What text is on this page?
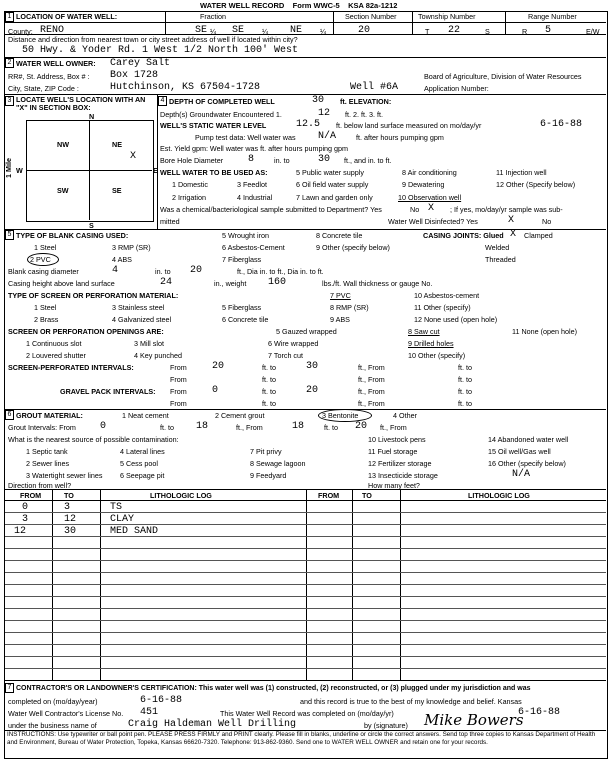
WATER WELL RECORD Form WWC-5 KSA 82a-1212
1 LOCATION OF WATER WELL:	Fraction	Section Number	Township Number	Range Number
County: RENO	SE ¼ SE ¼ NE ¼	20	T 22	S	R 5	E/W
Distance and direction from nearest town or city street address of well if located within city?
50 Hwy. & Yoder Rd. 1 West 1/2 North 100' West
2 WATER WELL OWNER: Carey Salt
RR#, St. Address, Box # : Box 1728	Board of Agriculture, Division of Water Resources
City, State, ZIP Code :	Hutchinson, KS 67504-1728	Well #6A	Application Number:
3 LOCATE WELL'S LOCATION WITH AN "X" IN SECTION BOX:
N
NW	NE
SW	SE
W	E
S
X
1 Mile
4 DEPTH OF COMPLETED WELL	30 ft. ELEVATION:
Depth(s) Groundwater Encountered 1.	12 ft. 2. ft. 3. ft.
WELL'S STATIC WATER LEVEL	12.5 ft. below land surface measured on mo/day/yr	6-16-88
Pump test data: Well water was N/A	ft. after hours pumping gpm
Est. Yield gpm: Well water was ft. after hours pumping gpm
Bore Hole Diameter 8	in. to	30 ft., and in. to ft.
WELL WATER TO BE USED AS:	5 Public water supply	8 Air conditioning	11 Injection well
1 Domestic	3 Feedlot	6 Oil field water supply	9 Dewatering	12 Other (Specify below)
2 Irrigation	4 Industrial	7 Lawn and garden only	10 Observation well
Was a chemical/bacteriological sample submitted to Department? Yes	No X ; If yes, mo/day/yr sample was sub-
mitted	Water Well Disinfected? Yes	X	No
5 TYPE OF BLANK CASING USED:	5 Wrought iron	8 Concrete tile	CASING JOINTS: Glued X Clamped
1 Steel	3 RMP (SR)	6 Asbestos-Cement	9 Other (specify below)	Welded
2 PVC	4 ABS	7 Fiberglass	Threaded
Blank casing diameter	4	in. to 20	ft., Dia in. to ft., Dia in. to ft.
Casing height above land surface	24	in., weight 160	lbs./ft. Wall thickness or gauge No.
TYPE OF SCREEN OR PERFORATION MATERIAL:	7 PVC	10 Asbestos-cement
1 Steel	3 Stainless steel	5 Fiberglass	8 RMP (SR)	11 Other (specify)
2 Brass	4 Galvanized steel	6 Concrete tile	9 ABS	12 None used (open hole)
SCREEN OR PERFORATION OPENINGS ARE:	5 Gauzed wrapped	8 Saw cut	11 None (open hole)
1 Continuous slot	3 Mill slot	6 Wire wrapped	9 Drilled holes
2 Louvered shutter	4 Key punched	7 Torch cut	10 Other (specify)
SCREEN-PERFORATED INTERVALS:	From	20	ft. to	30	ft., From	ft. to
From	ft. to	ft., From	ft. to
GRAVEL PACK INTERVALS: From	0	ft. to	20	ft., From	ft. to
From	ft. to	ft., From	ft. to
6 GROUT MATERIAL:	1 Neat cement	2 Cement grout	3 Bentonite	4 Other
Grout Intervals: From 0	ft. to 18	ft., From	18	ft. to 20 ft., From
What is the nearest source of possible contamination:	10 Livestock pens	14 Abandoned water well
1 Septic tank	4 Lateral lines	7 Pit privy	11 Fuel storage	15 Oil well/Gas well
2 Sewer lines	5 Cess pool	8 Sewage lagoon	12 Fertilizer storage	16 Other (specify below)
3 Watertight sewer lines 6 Seepage pit	9 Feedyard	13 Insecticide storage	N/A
Direction from well?	How many feet?
FROM	TO	LITHOLOGIC LOG	FROM	TO	LITHOLOGIC LOG
0	3	TS
3	12	CLAY
12	30	MED SAND
7 CONTRACTOR'S OR LANDOWNER'S CERTIFICATION: This water well was (1) constructed, (2) reconstructed, or (3) plugged under my jurisdiction and was
completed on (mo/day/year)	6-16-88	and this record is true to the best of my knowledge and belief. Kansas
Water Well Contractor's License No. 451	This Water Well Record was completed on (mo/day/yr)	6-16-88
under the business name of	Craig Haldeman Well Drilling	by (signature) Mike Bowers
INSTRUCTIONS: Use typewriter or ball point pen. PLEASE PRESS FIRMLY and PRINT clearly. Please fill in blanks, underline or circle the correct answers. Send top three copies to Kansas Department of Health and Environment, Bureau of Water Protection, Topeka, Kansas 66620-7320. Telephone: 913-862-9360. Send one to WATER WELL OWNER and retain one for your records.
